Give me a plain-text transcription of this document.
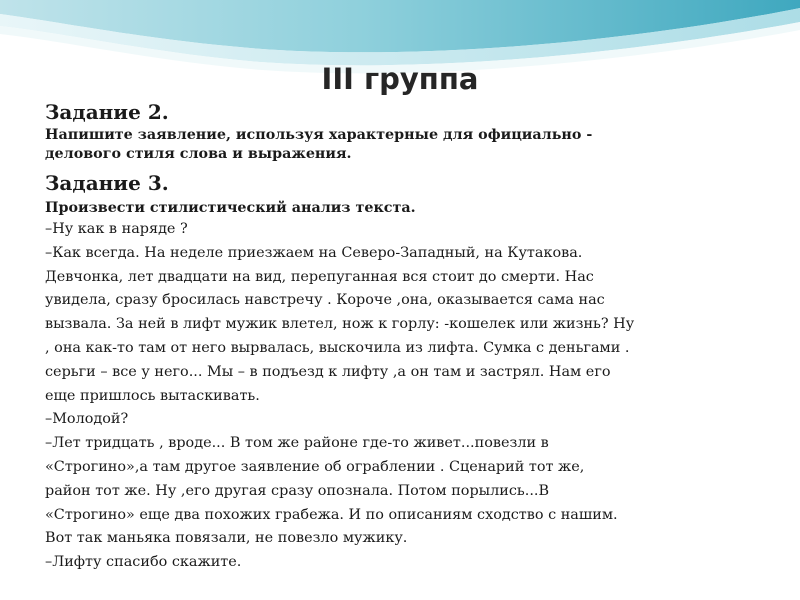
III группа
Задание 2.
Напишите заявление, используя характерные для официально -
делового стиля слова и выражения.
Задание 3.
Произвести стилистический анализ текста.

–Ну как в наряде ?

–Как всегда. На неделе приезжаем на Северо-Западный, на Кутакова.

Девчонка, лет двадцати на вид, перепуганная вся стоит до смерти. Нас

увидела, сразу бросилась навстречу . Короче ,она, оказывается сама нас

вызвала. За ней в лифт мужик влетел, нож к горлу: -кошелек или жизнь? Ну

, она как-то там от него вырвалась, выскочила из лифта. Сумка с деньгами .

серьги – все у него... Мы – в подъезд к лифту ,а он там и застрял. Нам его

еще пришлось вытаскивать.

–Молодой?

–Лет тридцать , вроде... В том же районе где-то живет...повезли в

«Строгино»,а там другое заявление об ограблении . Сценарий тот же,

район тот же. Ну ,его другая сразу опознала. Потом порылись...В

«Строгино» еще два похожих грабежа. И по описаниям сходство с нашим.

Вот так маньяка повязали, не повезло мужику.

–Лифту спасибо скажите.
